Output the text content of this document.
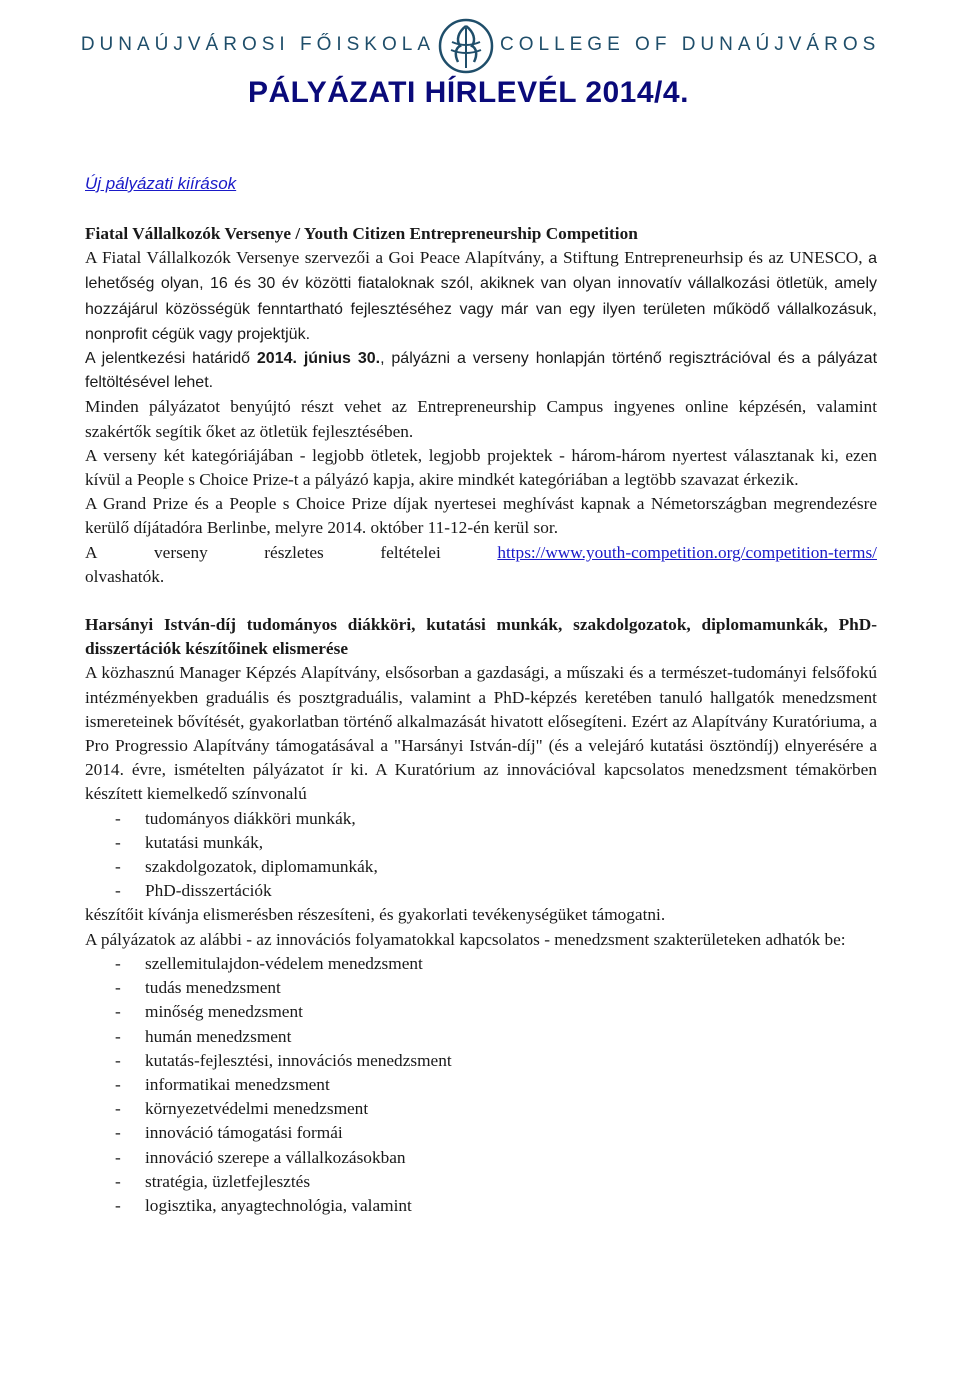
DUNAÚJVÁROSI FŐISKOLA	COLLEGE OF DUNAÚJVÁROS
PÁLYÁZATI HÍRLEVÉL 2014/4.
Új pályázati kiírások

Fiatal Vállalkozók Versenye / Youth Citizen Entrepreneurship Competition

A Fiatal Vállalkozók Versenye szervezői a Goi Peace Alapítvány, a Stiftung Entrepreneurhsip és az UNESCO, a lehetőség olyan, 16 és 30 év közötti fiataloknak szól, akiknek van olyan innovatív vállalkozási ötletük, amely hozzájárul közösségük fenntartható fejlesztéséhez vagy már van egy ilyen területen működő vállalkozásuk, nonprofit cégük vagy projektjük.

A jelentkezési határidő 2014. június 30., pályázni a verseny honlapján történő regisztrációval és a pályázat feltöltésével lehet.

Minden pályázatot benyújtó részt vehet az Entrepreneurship Campus ingyenes online képzésén, valamint szakértők segítik őket az ötletük fejlesztésében.

A verseny két kategóriájában - legjobb ötletek, legjobb projektek - három-három nyertest választanak ki, ezen kívül a People s Choice Prize-t a pályázó kapja, akire mindkét kategóriában a legtöbb szavazat érkezik.

A Grand Prize és a People s Choice Prize díjak nyertesei meghívást kapnak a Németországban megrendezésre kerülő díjátadóra Berlinbe, melyre 2014. október 11-12-én kerül sor.

A	verseny	részletes	feltételei	https://www.youth-competition.org/competition-terms/

olvashatók.

Harsányi István-díj tudományos diákköri, kutatási munkák, szakdolgozatok, diplomamunkák, PhD-disszertációk készítőinek elismerése

A közhasznú Manager Képzés Alapítvány, elsősorban a gazdasági, a műszaki és a természet-tudományi felsőfokú intézményekben graduális és posztgraduális, valamint a PhD-képzés keretében tanuló hallgatók menedzsment ismereteinek bővítését, gyakorlatban történő alkalmazását hivatott elősegíteni. Ezért az Alapítvány Kuratóriuma, a Pro Progressio Alapítvány támogatásával a "Harsányi István-díj" (és a velejáró kutatási ösztöndíj) elnyerésére a 2014. évre, ismételten pályázatot ír ki. A Kuratórium az innovációval kapcsolatos menedzsment témakörben készített kiemelkedő színvonalú

- tudományos diákköri munkák,
- kutatási munkák,
- szakdolgozatok, diplomamunkák,
- PhD-disszertációk

készítőit kívánja elismerésben részesíteni, és gyakorlati tevékenységüket támogatni.

A pályázatok az alábbi - az innovációs folyamatokkal kapcsolatos - menedzsment szakterületeken adhatók be:

- szellemitulajdon-védelem menedzsment
- tudás menedzsment
- minőség menedzsment
- humán menedzsment
- kutatás-fejlesztési, innovációs menedzsment
- informatikai menedzsment
- környezetvédelmi menedzsment
- innováció támogatási formái
- innováció szerepe a vállalkozásokban
- stratégia, üzletfejlesztés
- logisztika, anyagtechnológia, valamint
